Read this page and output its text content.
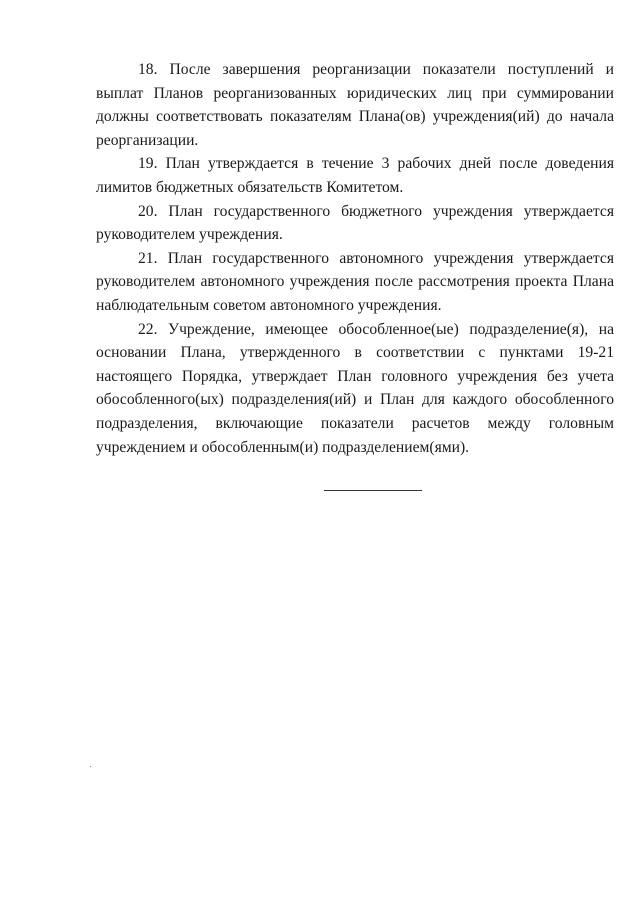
18. После завершения реорганизации показатели поступлений и выплат Планов реорганизованных юридических лиц при суммировании должны соответствовать показателям Плана(ов) учреждения(ий) до начала реорганизации.

19. План утверждается в течение 3 рабочих дней после доведения лимитов бюджетных обязательств Комитетом.

20. План государственного бюджетного учреждения утверждается руководителем учреждения.

21. План государственного автономного учреждения утверждается руководителем автономного учреждения после рассмотрения проекта Плана наблюдательным советом автономного учреждения.

22. Учреждение, имеющее обособленное(ые) подразделение(я), на основании Плана, утвержденного в соответствии с пунктами 19-21 настоящего Порядка, утверждает План головного учреждения без учета обособленного(ых) подразделения(ий) и План для каждого обособленного подразделения, включающие показатели расчетов между головным учреждением и обособленным(и) подразделением(ями).
